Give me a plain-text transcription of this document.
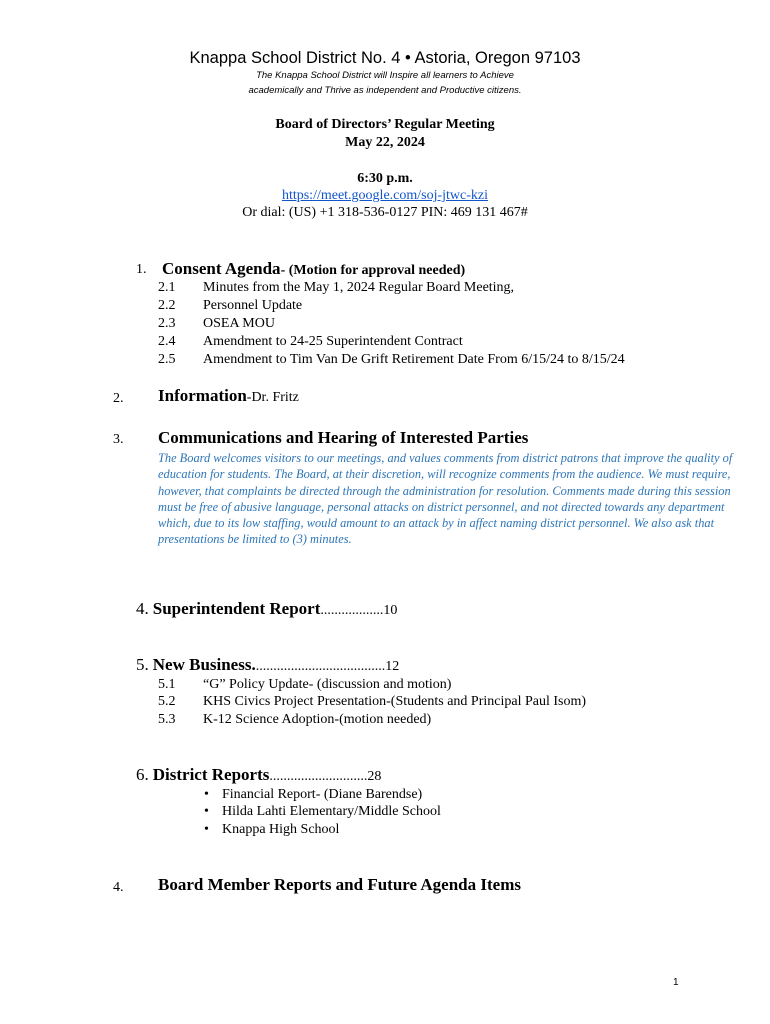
Knappa School District No. 4 • Astoria, Oregon 97103
The Knappa School District will Inspire all learners to Achieve
academically and Thrive as independent and Productive citizens.
Board of Directors’ Regular Meeting
May 22, 2024
6:30 p.m.
https://meet.google.com/soj-jtwc-kzi
Or dial: (US) +1 318-536-0127 PIN: 469 131 467#
1. Consent Agenda- (Motion for approval needed)
2.1	Minutes from the May 1, 2024 Regular Board Meeting,
2.2	Personnel Update
2.3	OSEA MOU
2.4	Amendment to 24-25 Superintendent Contract
2.5	Amendment to Tim Van De Grift Retirement Date From 6/15/24 to 8/15/24
2. Information-Dr. Fritz
3. Communications and Hearing of Interested Parties
The Board welcomes visitors to our meetings, and values comments from district patrons that improve the quality of education for students. The Board, at their discretion, will recognize comments from the audience. We must require, however, that complaints be directed through the administration for resolution. Comments made during this session must be free of abusive language, personal attacks on district personnel, and not directed towards any department which, due to its low staffing, would amount to an attack by in affect naming district personnel. We also ask that presentations be limited to (3) minutes.
4. Superintendent Report..................10
5. New Business......................................12
5.1	“G” Policy Update- (discussion and motion)
5.2	KHS Civics Project Presentation-(Students and Principal Paul Isom)
5.3	K-12 Science Adoption-(motion needed)
6. District Reports............................28
• Financial Report- (Diane Barendse)
• Hilda Lahti Elementary/Middle School
• Knappa High School
4. Board Member Reports and Future Agenda Items
1
